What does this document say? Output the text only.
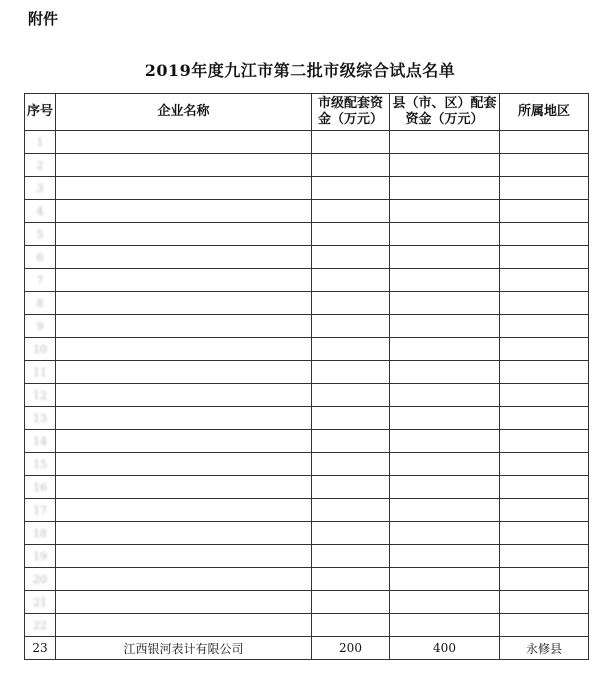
附件
2019年度九江市第二批市级综合试点名单
序号	企业名称	市级配套资金（万元）	县（市、区）配套资金（万元）	所属地区
1				
2				
3				
4				
5				
6				
7				
8				
9				
10				
11				
12				
13				
14				
15				
16				
17				
18				
19				
20				
21				
22				
23	江西银河表计有限公司	200	400	永修县
